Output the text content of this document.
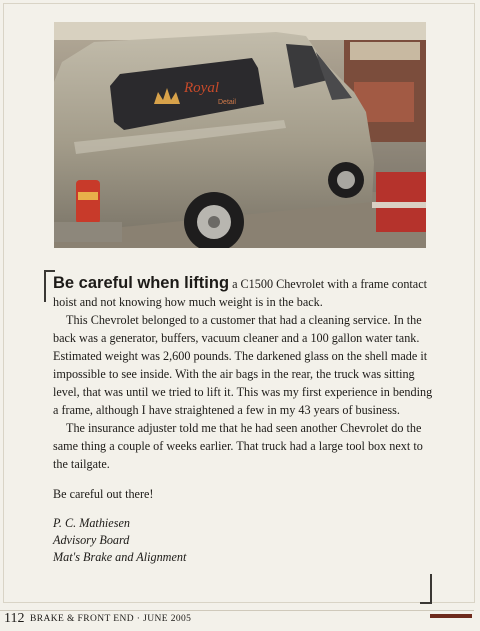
Royal
Detail

Be careful when lifting a C1500 Chevrolet with a frame contact hoist and not knowing how much weight is in the back.

This Chevrolet belonged to a customer that had a cleaning service. In the back was a generator, buffers, vacuum cleaner and a 100 gallon water tank. Estimated weight was 2,600 pounds. The darkened glass on the shell made it impossible to see inside. With the air bags in the rear, the truck was sitting level, that was until we tried to lift it. This was my first experience in bending a frame, although I have straightened a few in my 43 years of business.

The insurance adjuster told me that he had seen another Chevrolet do the same thing a couple of weeks earlier. That truck had a large tool box next to the tailgate.

Be careful out there!

P. C. Mathiesen
Advisory Board
Mat's Brake and Alignment
112 BRAKE & FRONT END · JUNE 2005
